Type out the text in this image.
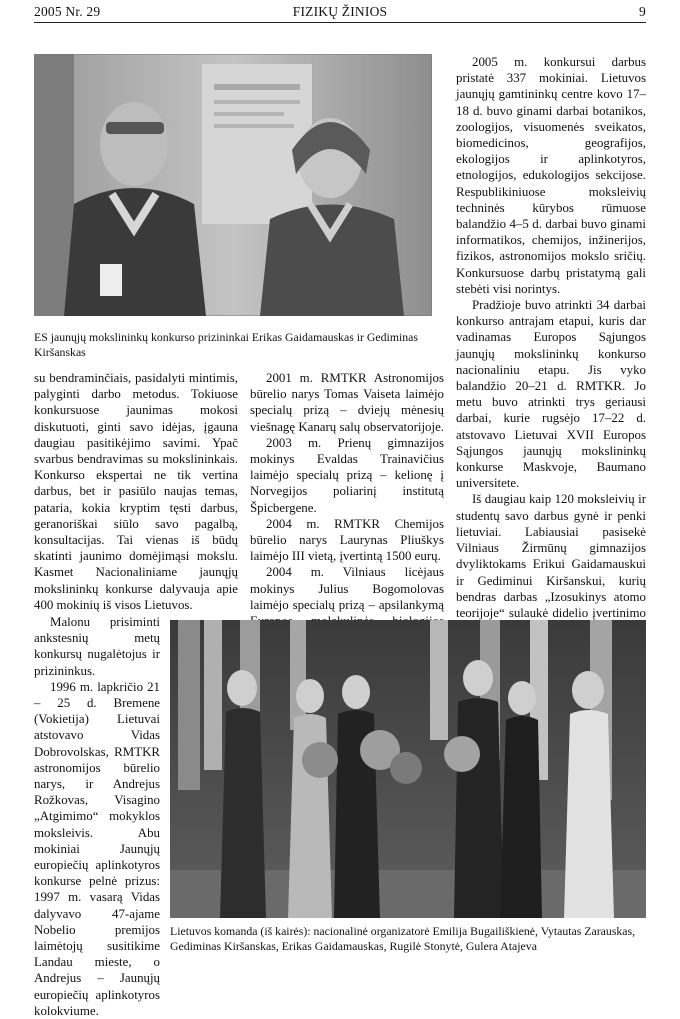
2005 Nr. 29	FIZIKŲ ŽINIOS	9
ES jaunųjų mokslininkų konkurso prizininkai Erikas Gaidamauskas ir Gediminas Kiršanskas

2005 m. konkursui darbus pristatė 337 mokiniai. Lietuvos jaunųjų gamtininkų centre kovo 17–18 d. buvo ginami darbai botanikos, zoologijos, visuomenės sveikatos, biomedicinos, geografijos, ekologijos ir aplinkotyros, etnologijos, edukologijos sekcijose. Respublikiniuose moksleivių techninės kūrybos rūmuose balandžio 4–5 d. darbai buvo ginami informatikos, chemijos, inžinerijos, fizikos, astronomijos mokslo sričių. Konkursuose darbų pristatymą gali stebėti visi norintys.

Pradžioje buvo atrinkti 34 darbai konkurso antrajam etapui, kuris dar vadinamas Europos Sąjungos jaunųjų mokslininkų konkurso nacionaliniu etapu. Jis vyko balandžio 20–21 d. RMTKR. Jo metu buvo atrinkti trys geriausi darbai, kurie rugsėjo 17–22 d. atstovavo Lietuvai XVII Europos Sąjungos jaunųjų mokslininkų konkurse Maskvoje, Baumano universitete.

Iš daugiau kaip 120 moksleivių ir studentų savo darbus gynė ir penki lietuviai. Labiausiai pasisekė Vilniaus Žirmūnų gimnazijos dvyliktokams Erikui Gaidamauskui ir Gediminui Kiršanskui, kurių bendras darbas „Izosukinys atomo teorijoje“ sulaukė didelio įvertinimo

su bendraminčiais, pasidalyti mintimis, palyginti darbo metodus. Tokiuose konkursuose jaunimas mokosi diskutuoti, ginti savo idėjas, įgauna daugiau pasitikėjimo savimi. Ypač svarbus bendravimas su mokslininkais. Konkurso ekspertai ne tik vertina darbus, bet ir pasiūlo naujas temas, pataria, kokia kryptim tęsti darbus, geranoriškai siūlo savo pagalbą, konsultacijas. Tai vienas iš būdų skatinti jaunimo domėjimąsi mokslu. Kasmet Nacionaliniame jaunųjų mokslininkų konkurse dalyvauja apie 400 mokinių iš visos Lietuvos.

Malonu prisiminti ankstesnių metų konkursų nugalėtojus ir prizininkus.

1996 m. lapkričio 21 – 25 d. Bremene (Vokietija) Lietuvai atstovavo Vidas Dobrovolskas, RMTKR astronomijos būrelio narys, ir Andrejus Rožkovas, Visagino „Atgimimo“ mokyklos moksleivis. Abu mokiniai Jaunųjų europiečių aplinkotyros konkurse pelnė prizus: 1997 m. vasarą Vidas dalyvavo 47-ajame Nobelio premijos laimėtojų susitikime Landau mieste, o Andrejus – Jaunųjų europiečių aplinkotyros kolokviume.

2001 m. RMTKR Astronomijos būrelio narys Tomas Vaiseta laimėjo specialų prizą – dviejų mėnesių viešnagę Kanarų salų observatorijoje.

2003 m. Prienų gimnazijos mokinys Evaldas Trainavičius laimėjo specialų prizą – kelionę į Norvegijos poliarinį institutą Špicbergene.

2004 m. RMTKR Chemijos būrelio narys Laurynas Pliuškys laimėjo III vietą, įvertintą 1500 eurų.

2004 m. Vilniaus licėjaus mokinys Julius Bogomolovas laimėjo specialų prizą – apsilankymą

Lietuvos komanda (iš kairės): nacionalinė organizatorė Emilija Bugailiškienė, Vytautas Zarauskas, Gediminas Kiršanskas, Erikas Gaidamauskas, Rugilė Stonytė, Gulera Atajeva
